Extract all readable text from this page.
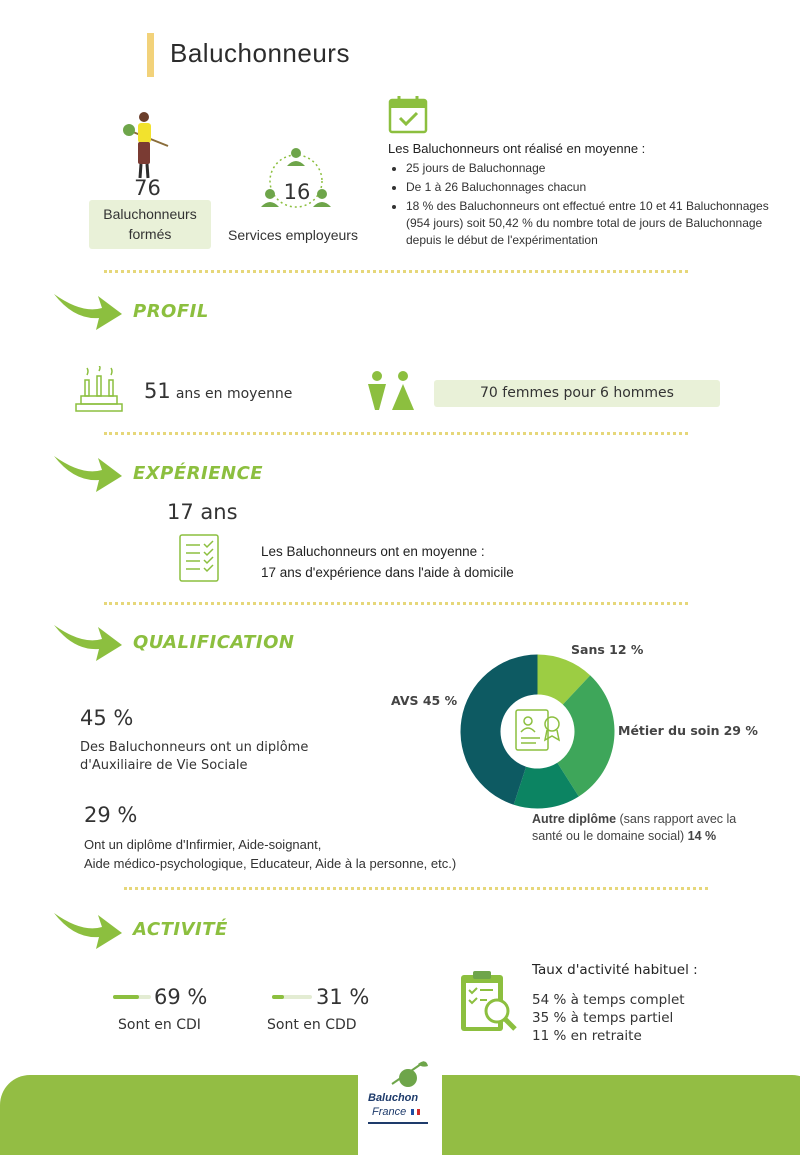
Baluchonneurs
76
Baluchonneurs
formés
16
Services employeurs
Les Baluchonneurs ont réalisé en moyenne :
• 25 jours de Baluchonnage
• De 1 à 26 Baluchonnages chacun
• 18 % des Baluchonneurs ont effectué entre 10 et 41 Baluchonnages (954 jours) soit 50,42 % du nombre total de jours de Baluchonnage depuis le début de l'expérimentation
PROFIL
51 ans en moyenne	70 femmes pour 6 hommes
EXPÉRIENCE
17 ans
Les Baluchonneurs ont en moyenne :
17 ans d'expérience dans l'aide à domicile
QUALIFICATION
45 %
Des Baluchonneurs ont un diplôme
d'Auxiliaire de Vie Sociale
29 %
Ont un diplôme d'Infirmier, Aide-soignant,
Aide médico-psychologique, Educateur, Aide à la personne, etc.)
Sans 12 %
AVS 45 %
Métier du soin 29 %
Autre diplôme (sans rapport avec la
santé ou le domaine social) 14 %
ACTIVITÉ
69 %
Sont en CDI
31 %
Sont en CDD
Taux d'activité habituel :
54 % à temps complet
35 % à temps partiel
11 % en retraite
Baluchon
France
